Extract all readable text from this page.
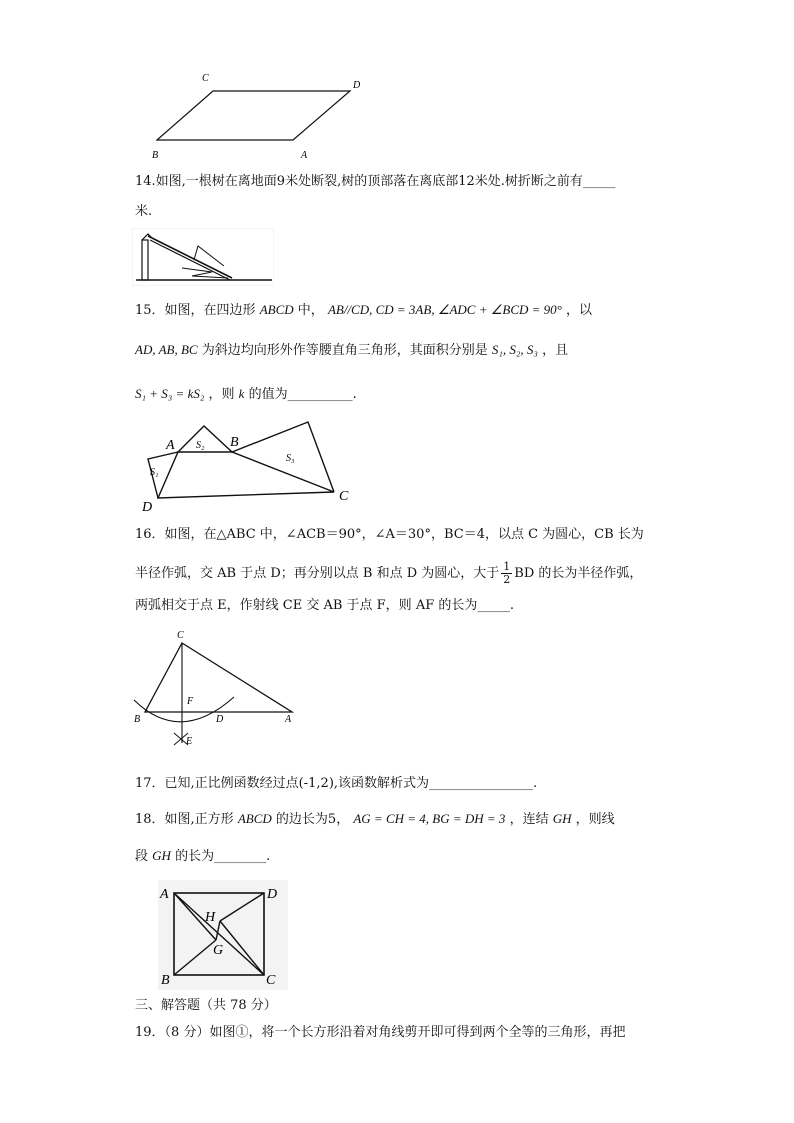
C
D
B	A
14.如图,一根树在离地面9米处断裂,树的顶部落在离底部12米处.树折断之前有_____
米.
15．如图，在四边形 ABCD 中， AB//CD, CD = 3AB, ∠ADC + ∠BCD = 90° ，以
AD, AB, BC 为斜边均向形外作等腰直角三角形，其面积分别是 S₁, S₂, S₃ ，且
S₁ + S₃ = kS₂ ，则 k 的值为__________.
A	B
C
D
S₁
S₂
S₃
16．如图，在△ABC 中，∠ACB＝90°，∠A＝30°，BC＝4，以点 C 为圆心，CB 长为
半径作弧，交 AB 于点 D；再分别以点 B 和点 D 为圆心，大于 $\frac{1}{2}$ BD 的长为半径作弧，
两弧相交于点 E，作射线 CE 交 AB 于点 F，则 AF 的长为_____.
C
F
B	D	A
E
17．已知,正比例函数经过点(-1,2),该函数解析式为________________.
18．如图,正方形 ABCD 的边长为5， AG = CH = 4, BG = DH = 3 ，连结 GH ，则线
段 GH 的长为________.
A	D
H
G
B	C
三、解答题（共 78 分）
19．（8 分）如图①，将一个长方形沿着对角线剪开即可得到两个全等的三角形，再把
